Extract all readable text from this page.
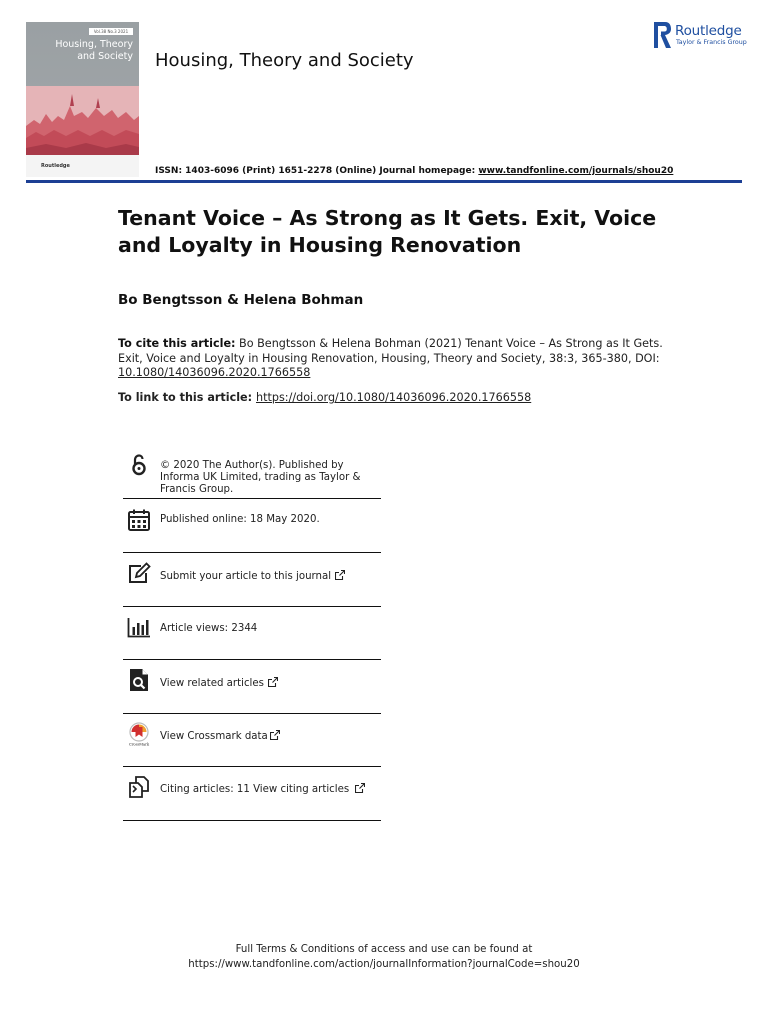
Vol.38 No.3 2021
Housing, Theory
and Society
Routledge
Housing, Theory and Society
Routledge
Taylor & Francis Group
ISSN: 1403-6096 (Print) 1651-2278 (Online) Journal homepage: www.tandfonline.com/journals/shou20
Tenant Voice – As Strong as It Gets. Exit, Voice and Loyalty in Housing Renovation
Bo Bengtsson & Helena Bohman
To cite this article: Bo Bengtsson & Helena Bohman (2021) Tenant Voice – As Strong as It Gets. Exit, Voice and Loyalty in Housing Renovation, Housing, Theory and Society, 38:3, 365-380, DOI: 10.1080/14036096.2020.1766558
To link to this article: https://doi.org/10.1080/14036096.2020.1766558
© 2020 The Author(s). Published by Informa UK Limited, trading as Taylor & Francis Group.
Published online: 18 May 2020.
Submit your article to this journal
Article views: 2344
View related articles
CrossMark
View Crossmark data
Citing articles: 11 View citing articles
Full Terms & Conditions of access and use can be found at
https://www.tandfonline.com/action/journalInformation?journalCode=shou20
